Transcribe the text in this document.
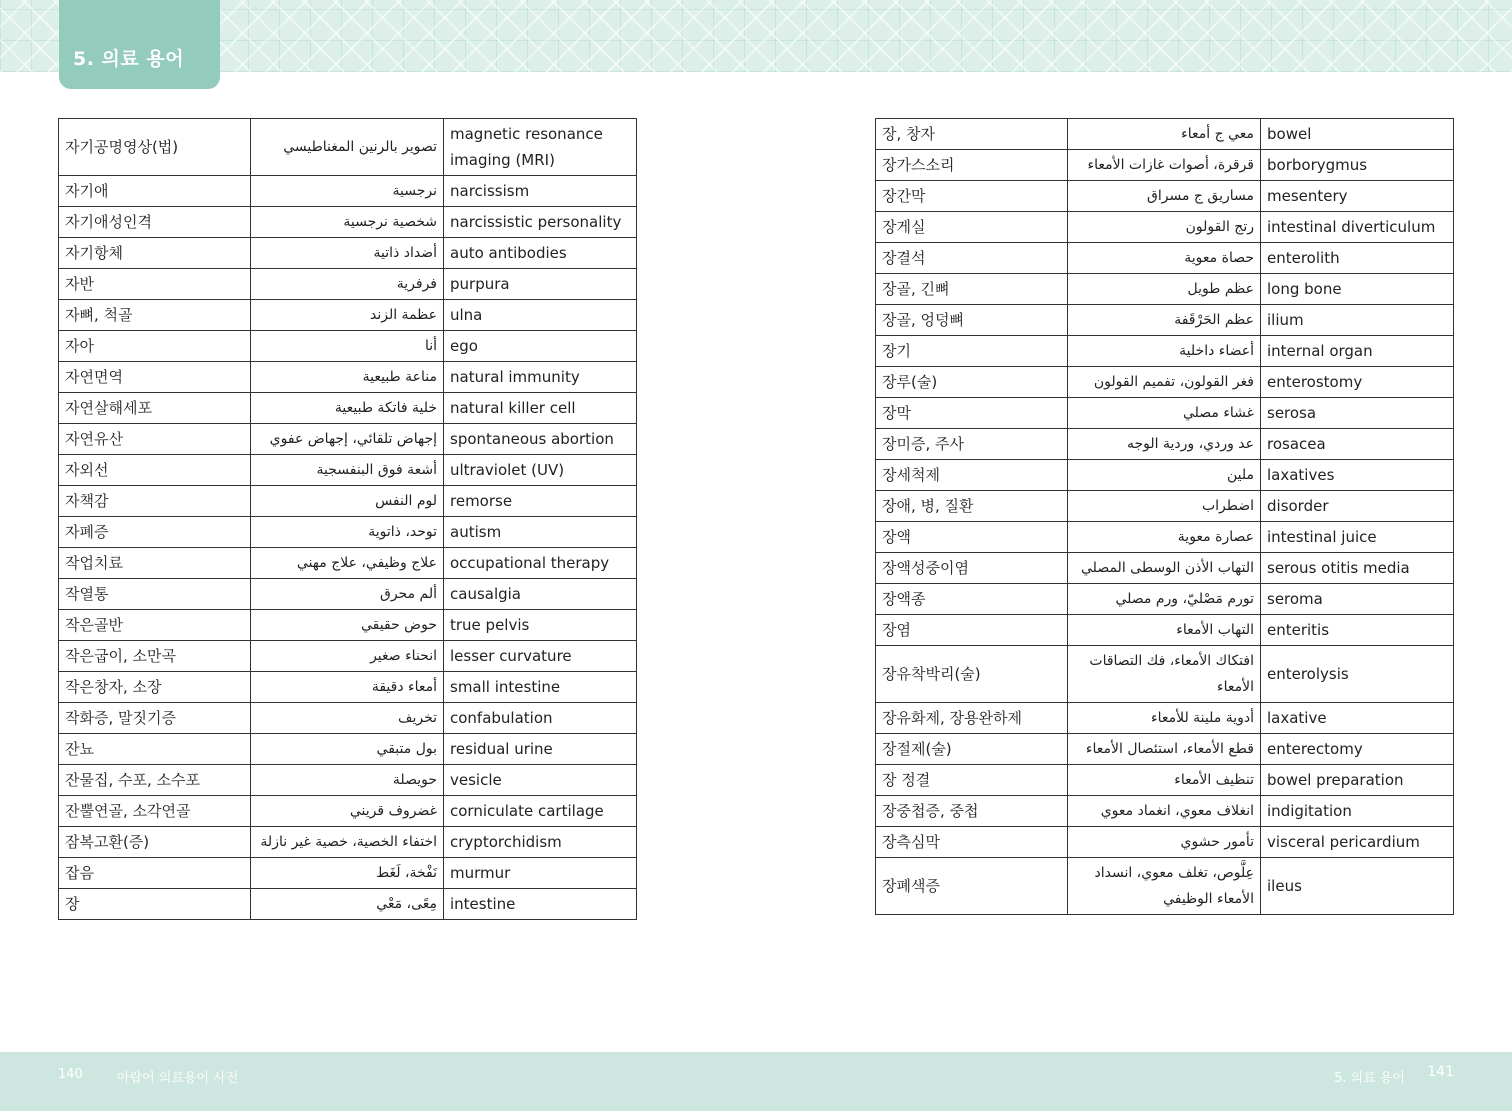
5. 의료 용어
자기공명영상(법)	تصوير بالرنين المغناطيسي	magnetic resonance imaging (MRI)
자기애	نرجسية	narcissism
자기애성인격	شخصية نرجسية	narcissistic personality
자기항체	أضداد ذاتية	auto antibodies
자반	فرفرية	purpura
자뼈, 척골	عظمة الزند	ulna
자아	أنا	ego
자연면역	مناعة طبيعية	natural immunity
자연살해세포	خلية فاتكة طبيعية	natural killer cell
자연유산	إجهاض تلقائي، إجهاض عفوي	spontaneous abortion
자외선	أشعة فوق البنفسجية	ultraviolet (UV)
자책감	لوم النفس	remorse
자폐증	توحد، ذاتوية	autism
작업치료	علاج وظيفي، علاج مهني	occupational therapy
작열통	ألم محرق	causalgia
작은골반	حوض حقيقي	true pelvis
작은굽이, 소만곡	انحناء صغير	lesser curvature
작은창자, 소장	أمعاء دقيقة	small intestine
작화증, 말짓기증	تخريف	confabulation
잔뇨	بول متبقي	residual urine
잔물집, 수포, 소수포	حويصلة	vesicle
잔뿔연골, 소각연골	غضروف قريني	corniculate cartilage
잠복고환(증)	اختفاء الخصية، خصية غير نازلة	cryptorchidism
잡음	نَفْخة، لَغَط	murmur
장	مِعًى، مَعْي	intestine
장, 창자	معي ج أمعاء	bowel
장가스소리	قرقرة، أصوات غازات الأمعاء	borborygmus
장간막	مساريق ج مسراق	mesentery
장게실	رتج القولون	intestinal diverticulum
장결석	حصاة معوية	enterolith
장골, 긴뼈	عظم طويل	long bone
장골, 엉덩뼈	عظم الحَرْقَفة	ilium
장기	أعضاء داخلية	internal organ
장루(술)	فغر القولون، تفميم القولون	enterostomy
장막	غشاء مصلي	serosa
장미증, 주사	عد وردي، وردية الوجه	rosacea
장세척제	ملين	laxatives
장애, 병, 질환	اضطراب	disorder
장액	عصارة معوية	intestinal juice
장액성중이염	التهاب الأذن الوسطى المصلي	serous otitis media
장액종	تورم مَصْليّ، ورم مصلي	seroma
장염	التهاب الأمعاء	enteritis
장유착박리(술)	افتكاك الأمعاء، فك التصاقات الأمعاء	enterolysis
장유화제, 장용완하제	أدوية ملينة للأمعاء	laxative
장절제(술)	قطع الأمعاء، استئصال الأمعاء	enterectomy
장 정결	تنظيف الأمعاء	bowel preparation
장중첩증, 중첩	انغلاف معوي، انغماد معوي	indigitation
장측심막	تأمور حشوي	visceral pericardium
장폐색증	عِلَّوص، تغلف معوي، انسداد الأمعاء الوظيفي	ileus
140	아랍어 의료용어 사전	5. 의료 용어 141
